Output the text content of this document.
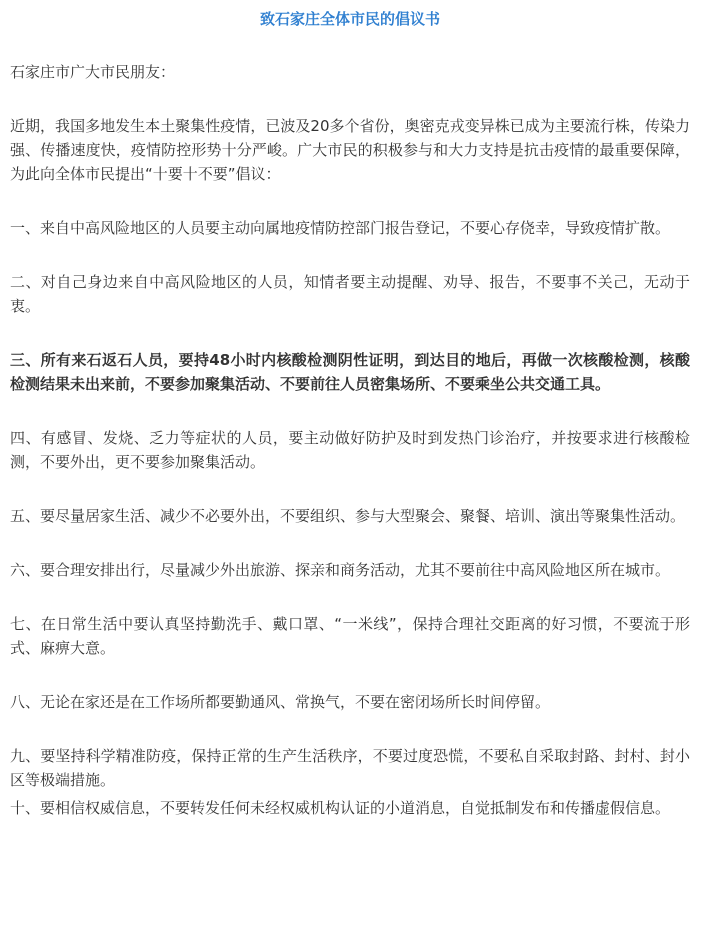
致石家庄全体市民的倡议书

石家庄市广大市民朋友：

近期，我国多地发生本土聚集性疫情，已波及20多个省份，奥密克戎变异株已成为主要流行株，传染力强、传播速度快，疫情防控形势十分严峻。广大市民的积极参与和大力支持是抗击疫情的最重要保障，为此向全体市民提出“十要十不要”倡议：

一、来自中高风险地区的人员要主动向属地疫情防控部门报告登记，不要心存侥幸，导致疫情扩散。

二、对自己身边来自中高风险地区的人员，知情者要主动提醒、劝导、报告，不要事不关己，无动于衷。

三、所有来石返石人员，要持48小时内核酸检测阴性证明，到达目的地后，再做一次核酸检测，核酸检测结果未出来前，不要参加聚集活动、不要前往人员密集场所、不要乘坐公共交通工具。

四、有感冒、发烧、乏力等症状的人员，要主动做好防护及时到发热门诊治疗，并按要求进行核酸检测，不要外出，更不要参加聚集活动。

五、要尽量居家生活、减少不必要外出，不要组织、参与大型聚会、聚餐、培训、演出等聚集性活动。

六、要合理安排出行，尽量减少外出旅游、探亲和商务活动，尤其不要前往中高风险地区所在城市。

七、在日常生活中要认真坚持勤洗手、戴口罩、“一米线”，保持合理社交距离的好习惯，不要流于形式、麻痹大意。

八、无论在家还是在工作场所都要勤通风、常换气，不要在密闭场所长时间停留。

九、要坚持科学精准防疫，保持正常的生产生活秩序，不要过度恐慌，不要私自采取封路、封村、封小区等极端措施。

十、要相信权威信息，不要转发任何未经权威机构认证的小道消息，自觉抵制发布和传播虚假信息。
